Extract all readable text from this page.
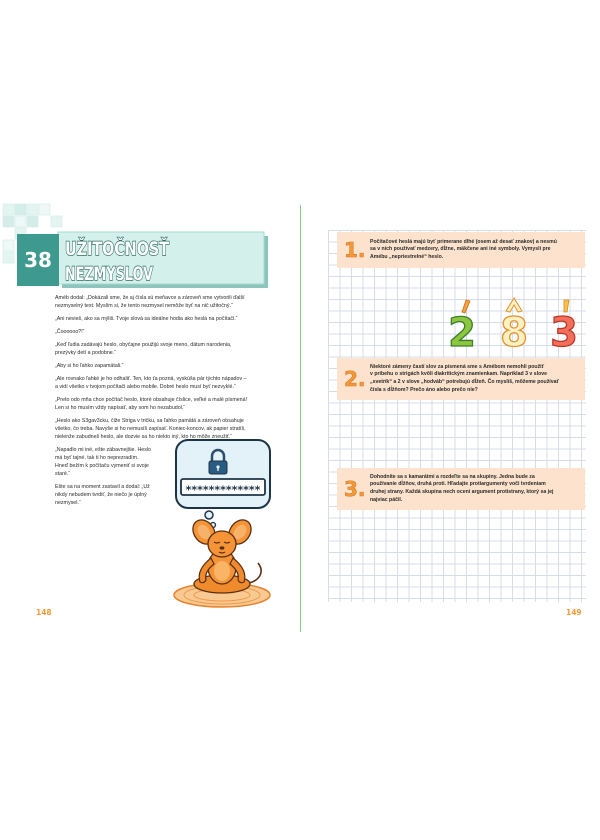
38 UŽITOČNOSŤ
NEZMYSLOV
Améb dodal: „Dokázali sme, že aj čísla sú meňavce a zároveň sme vytvorili ďalší
nezmyselný text. Myslím si, že tento nezmysel nemôže byť na nič užitočný.“
„Ani nevieš, ako sa mýliš. Tvoje slová sa ideálne hodia ako heslá na počítači.“
„Čoooooo?!“
„Keď ľudia zadávajú heslo, obyčajne použijú svoje meno, dátum narodenia,
prezývky detí a podobne.“
„Aby si ho ľahko zapamätali.“
„Ale rovnako ľahké je ho odhaliť. Ten, kto ťa pozná, vyskúša pár týchto nápadov –
a vidí všetko v tvojom počítači alebo mobile. Dobré heslo musí byť nezvyklé.“
„Preto odo mňa chce počítač heslo, ktoré obsahuje číslice, veľké a malé písmená!
Len si ho musím vždy napísať, aby som ho nezabudol.“
„Heslo ako S3gav3cku, čiže Striga v tričku, sa ľahko pamätá a zároveň obsahuje
všetko, čo treba. Navyše si ho nemusíš zapísať. Koniec-koncov, ak papier stratíš,
nielenže zabudneš heslo, ale dozvie sa ho niekto iný, kto ho môže zneužiť.“
„Napadlo mi iné, ešte zábavnejšie. Heslo
má byť tajné, tak ti ho neprezradím.
Hneď bežím k počítaču vymeniť si svoje
staré.“
Ešte sa na moment zastavil a dodal: „Už
nikdy nebudem tvrdiť, že niečo je úplný
nezmysel.“
*************
148
1. Počítačové heslá majú byť primerane dlhé (osem až desať znakov) a nesmú
sa v nich používať medzery, dĺžne, mäkčene ani iné symboly. Vymysli pre
Amébu „nepriestrelné“ heslo.
2 8 3
2.
Niektoré zámeny častí slov za písmená sme s Amébom nemohli použiť
v príbehu o strigách kvôli diakritickým znamienkam. Napríklad 3 v slove
„svetrík“ a 2 v slove „hodváb“ potrebujú dĺžeň. Čo myslíš, môžeme používať
čísla s dĺžňom? Prečo áno alebo prečo nie?
3.
Dohodnite sa s kamarátmi a rozdeľte sa na skupiny. Jedna bude za
používanie dĺžňov, druhá proti. Hľadajte protiargumenty voči tvrdeniam
druhej strany. Každá skupina nech ocení argument protistrany, ktorý sa jej
najviac páčil.
149
